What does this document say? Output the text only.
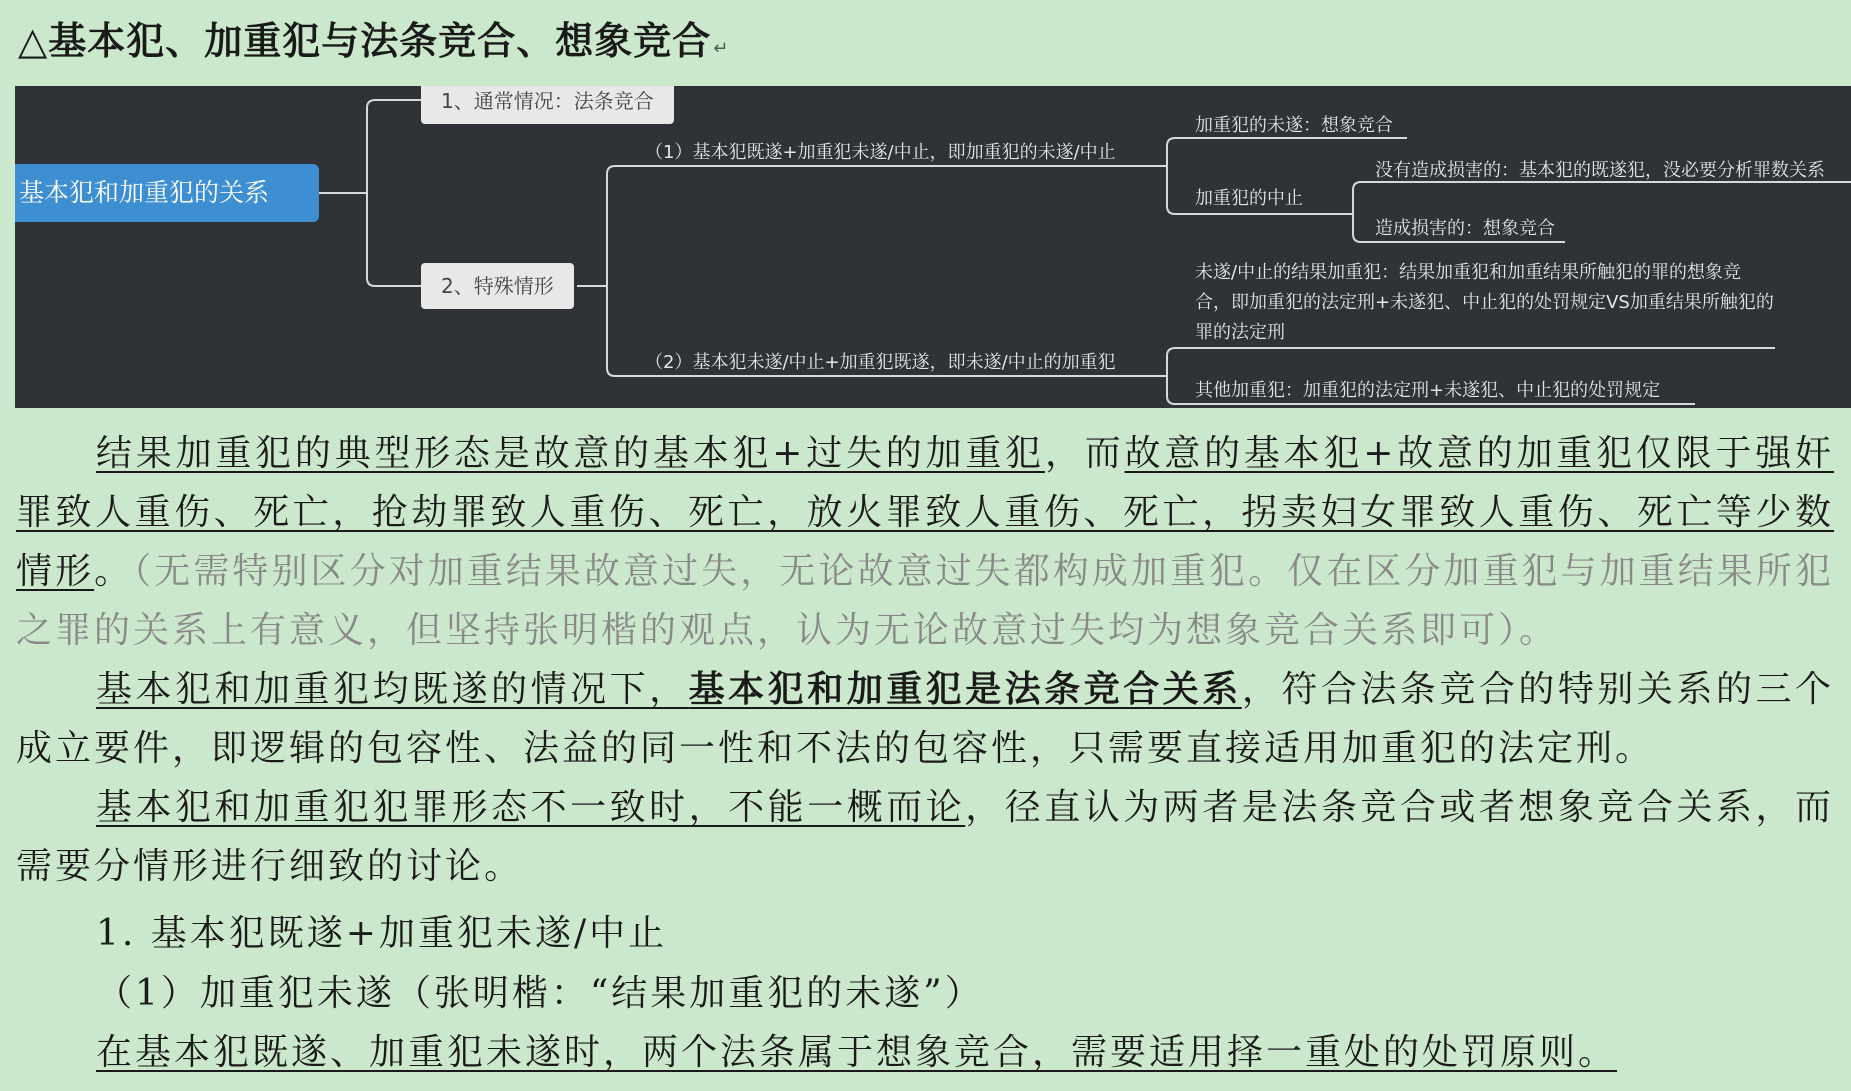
△基本犯、加重犯与法条竞合、想象竞合 ↵
基本犯和加重犯的关系
1、通常情况：法条竞合
2、特殊情形
（1）基本犯既遂+加重犯未遂/中止，即加重犯的未遂/中止
（2）基本犯未遂/中止+加重犯既遂，即未遂/中止的加重犯
加重犯的未遂：想象竞合
加重犯的中止
没有造成损害的：基本犯的既遂犯，没必要分析罪数关系
造成损害的：想象竞合
未遂/中止的结果加重犯：结果加重犯和加重结果所触犯的罪的想象竞合，即加重犯的法定刑+未遂犯、中止犯的处罚规定VS加重结果所触犯的罪的法定刑
其他加重犯：加重犯的法定刑+未遂犯、中止犯的处罚规定
结果加重犯的典型形态是故意的基本犯+过失的加重犯，而故意的基本犯+故意的加重犯仅限于强奸罪致人重伤、死亡，抢劫罪致人重伤、死亡，放火罪致人重伤、死亡，拐卖妇女罪致人重伤、死亡等少数情形。（无需特别区分对加重结果故意过失，无论故意过失都构成加重犯。仅在区分加重犯与加重结果所犯之罪的关系上有意义，但坚持张明楷的观点，认为无论故意过失均为想象竞合关系即可）。
基本犯和加重犯均既遂的情况下，基本犯和加重犯是法条竞合关系，符合法条竞合的特别关系的三个成立要件，即逻辑的包容性、法益的同一性和不法的包容性，只需要直接适用加重犯的法定刑。
基本犯和加重犯犯罪形态不一致时，不能一概而论，径直认为两者是法条竞合或者想象竞合关系，而需要分情形进行细致的讨论。
1. 基本犯既遂+加重犯未遂/中止
（1）加重犯未遂（张明楷：“结果加重犯的未遂”）
在基本犯既遂、加重犯未遂时，两个法条属于想象竞合，需要适用择一重处的处罚原则。
